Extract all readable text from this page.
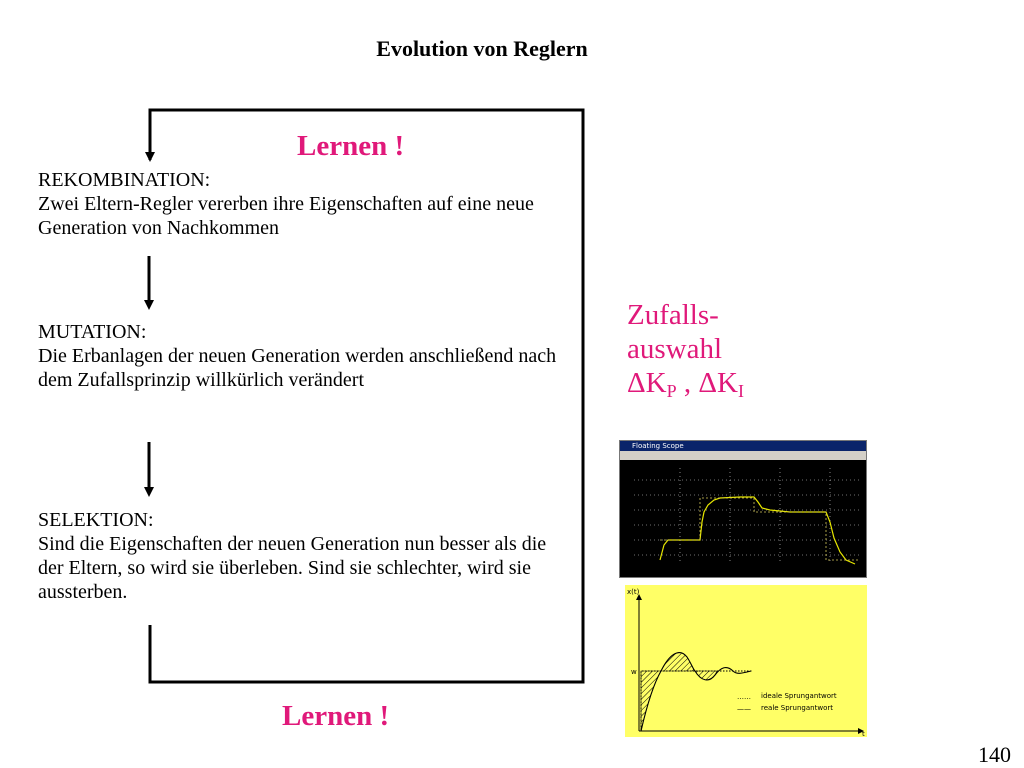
Evolution von Reglern
Lernen !
REKOMBINATION:
Zwei Eltern-Regler vererben ihre Eigenschaften auf eine neue Generation von Nachkommen
MUTATION:
Die Erbanlagen der neuen Generation werden anschließend nach dem Zufallsprinzip willkürlich verändert
SELEKTION:
Sind die Eigenschaften der neuen Generation nun besser als die der Eltern, so wird sie überleben. Sind sie schlechter, wird sie aussterben.
Lernen !
Zufalls-
auswahl
$\Delta K_P$ , $\Delta K_I$
Floating Scope
x(t)
t
w
…… ideale Sprungantwort
—— reale Sprungantwort
140
